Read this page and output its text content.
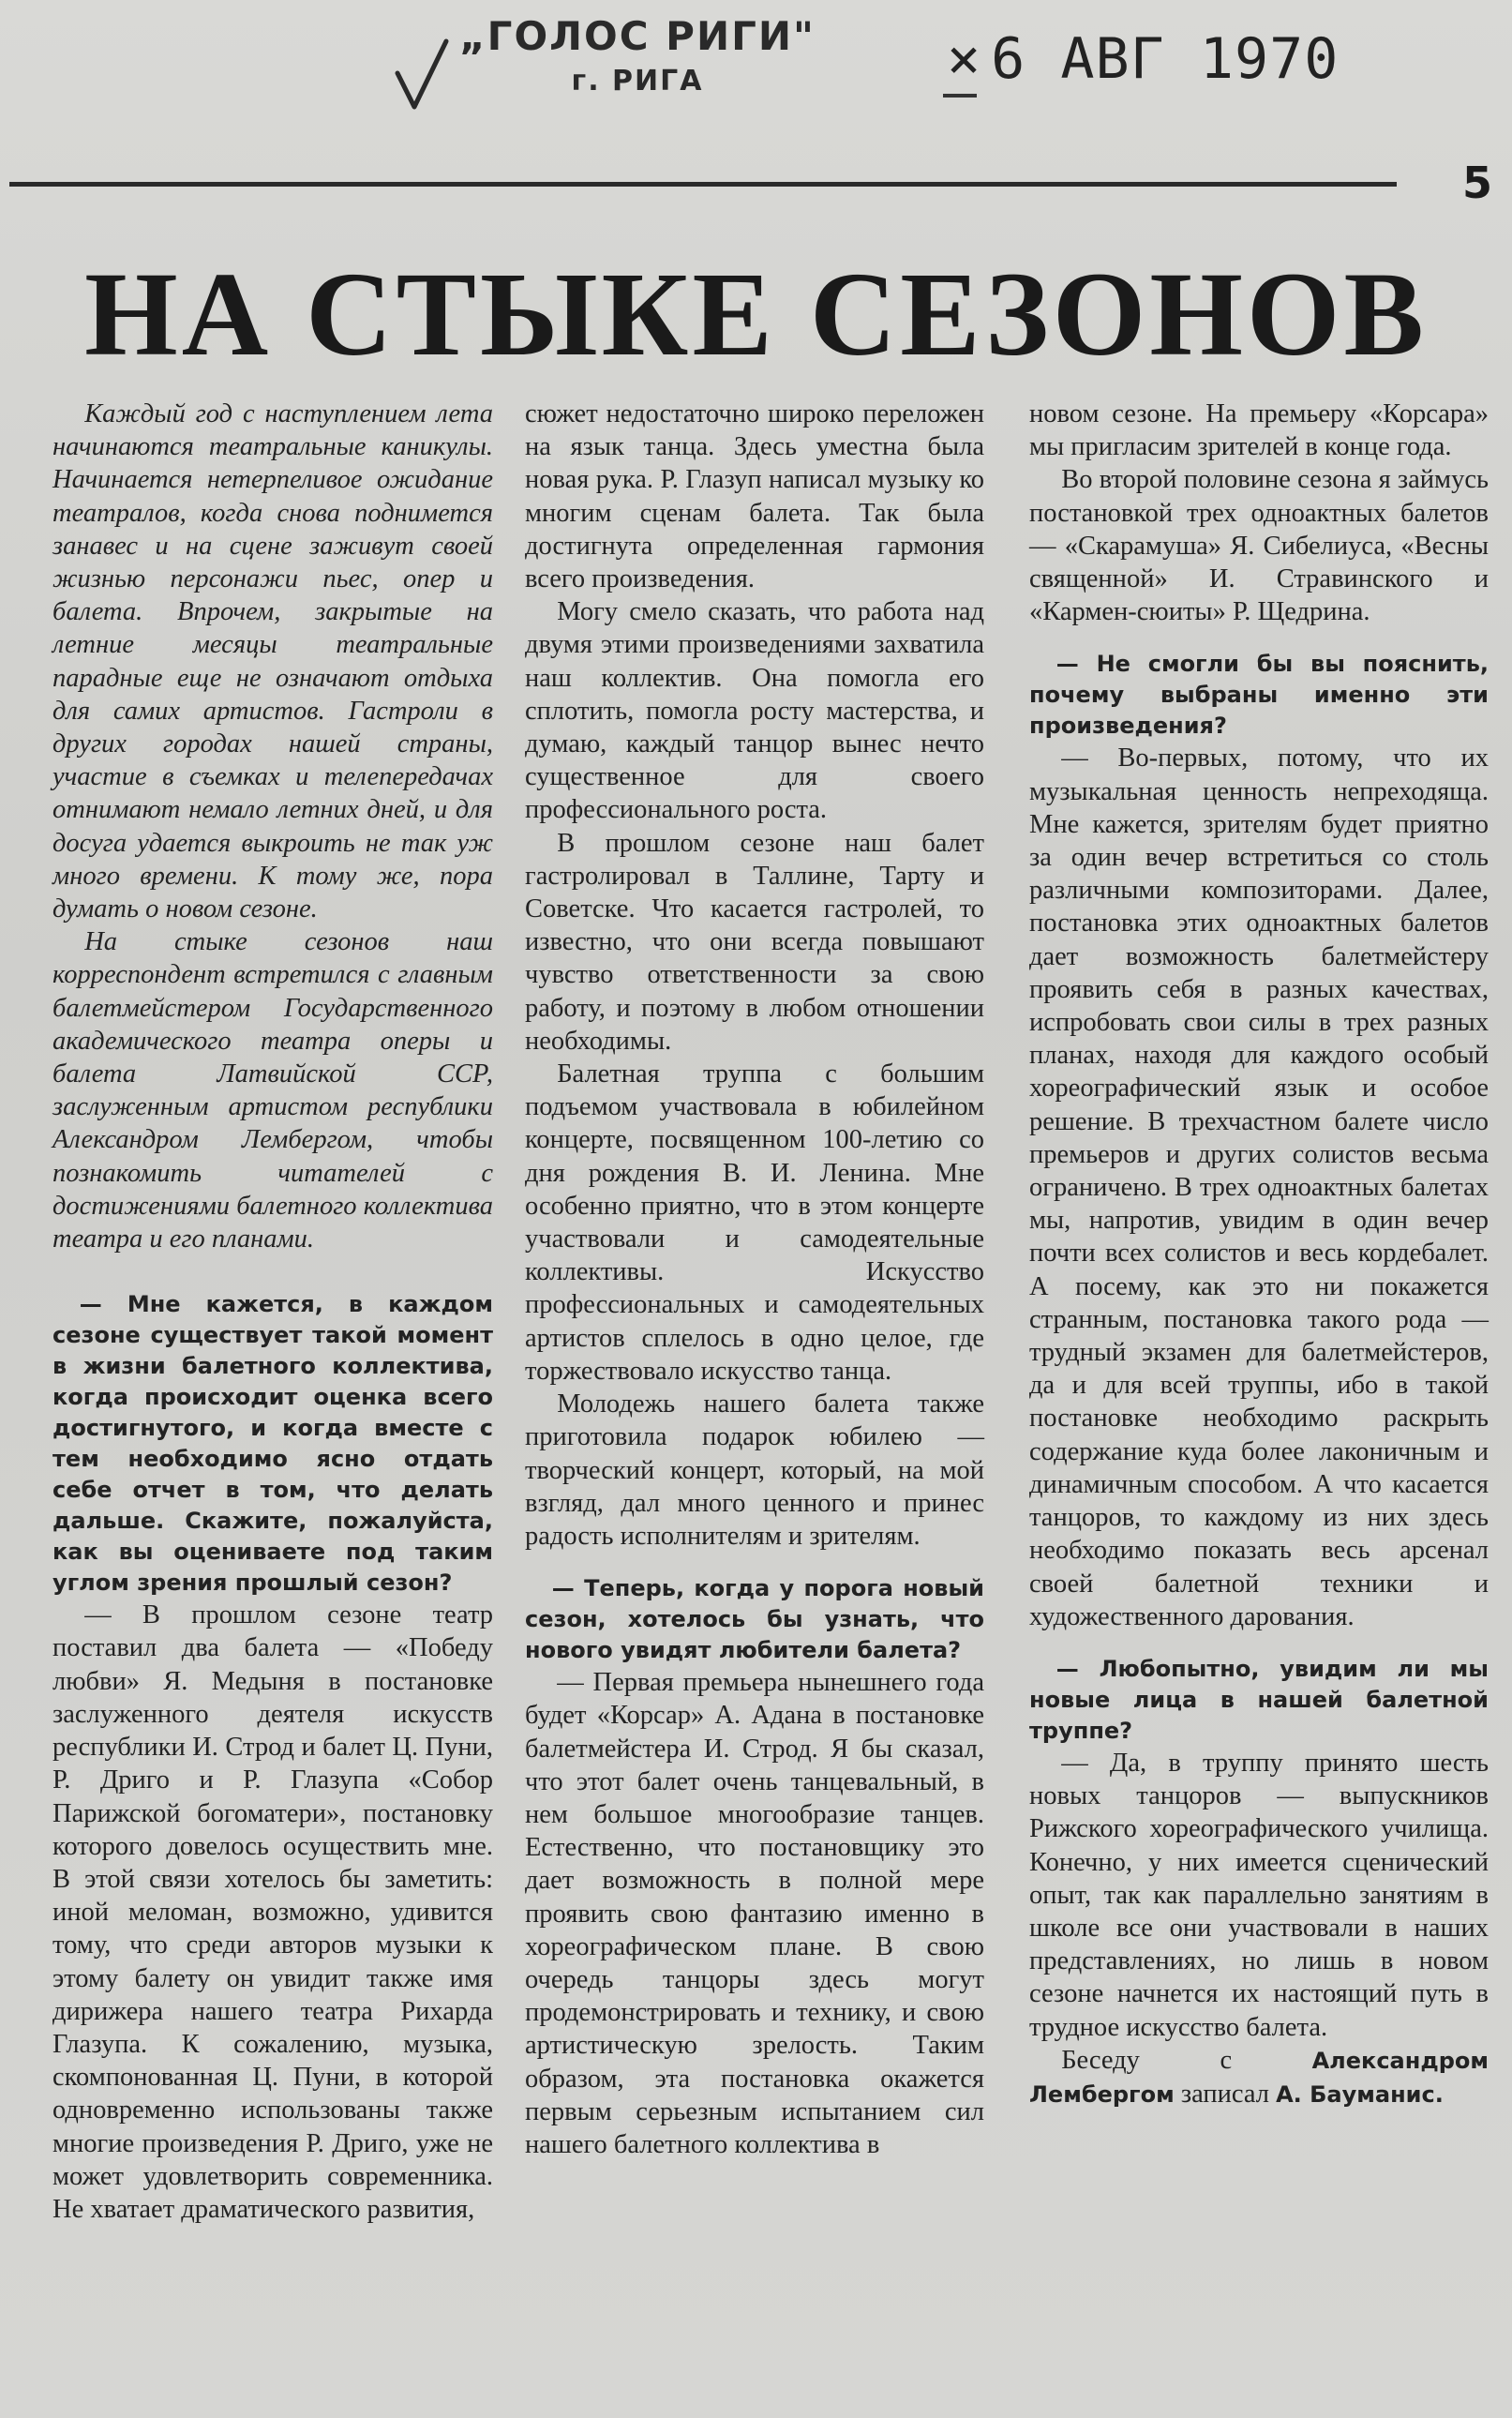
„ГОЛОС РИГИ"
г. РИГА	× 6 АВГ 1970
5
НА СТЫКЕ СЕЗОНОВ

Каждый год с наступлением лета начинаются театральные каникулы. Начинается нетерпеливое ожидание театралов, когда снова поднимется занавес и на сцене заживут своей жизнью персонажи пьес, опер и балета. Впрочем, закрытые на летние месяцы театральные парадные еще не означают отдыха для самих артистов. Гастроли в других городах нашей страны, участие в съемках и телепередачах отнимают немало летних дней, и для досуга удается выкроить не так уж много времени. К тому же, пора думать о новом сезоне.

На стыке сезонов наш корреспондент встретился с главным балетмейстером Государственного академического театра оперы и балета Латвийской ССР, заслуженным артистом республики Александром Лембергом, чтобы познакомить читателей с достижениями балетного коллектива театра и его планами.

— Мне кажется, в каждом сезоне существует такой момент в жизни балетного коллектива, когда происходит оценка всего достигнутого, и когда вместе с тем необходимо ясно отдать себе отчет в том, что делать дальше. Скажите, пожалуйста, как вы оцениваете под таким углом зрения прошлый сезон?

— В прошлом сезоне театр поставил два балета — «Победу любви» Я. Медыня в постановке заслуженного деятеля искусств республики И. Строд и балет Ц. Пуни, Р. Дриго и Р. Глазупа «Собор Парижской богоматери», постановку которого довелось осуществить мне. В этой связи хотелось бы заметить: иной меломан, возможно, удивится тому, что среди авторов музыки к этому балету он увидит также имя дирижера нашего театра Рихарда Глазупа. К сожалению, музыка, скомпонованная Ц. Пуни, в которой одновременно использованы также многие произведения Р. Дриго, уже не может удовлетворить современника. Не хватает драматического развития,

сюжет недостаточно широко переложен на язык танца. Здесь уместна была новая рука. Р. Глазуп написал музыку ко многим сценам балета. Так была достигнута определенная гармония всего произведения.

Могу смело сказать, что работа над двумя этими произведениями захватила наш коллектив. Она помогла его сплотить, помогла росту мастерства, и думаю, каждый танцор вынес нечто существенное для своего профессионального роста.

В прошлом сезоне наш балет гастролировал в Таллине, Тарту и Советске. Что касается гастролей, то известно, что они всегда повышают чувство ответственности за свою работу, и поэтому в любом отношении необходимы.

Балетная труппа с большим подъемом участвовала в юбилейном концерте, посвященном 100-летию со дня рождения В. И. Ленина. Мне особенно приятно, что в этом концерте участвовали и самодеятельные коллективы. Искусство профессиональных и самодеятельных артистов сплелось в одно целое, где торжествовало искусство танца.

Молодежь нашего балета также приготовила подарок юбилею — творческий концерт, который, на мой взгляд, дал много ценного и принес радость исполнителям и зрителям.

— Теперь, когда у порога новый сезон, хотелось бы узнать, что нового увидят любители балета?

— Первая премьера нынешнего года будет «Корсар» А. Адана в постановке балетмейстера И. Строд. Я бы сказал, что этот балет очень танцевальный, в нем большое многообразие танцев. Естественно, что постановщику это дает возможность в полной мере проявить свою фантазию именно в хореографическом плане. В свою очередь танцоры здесь могут продемонстрировать и технику, и свою артистическую зрелость. Таким образом, эта постановка окажется первым серьезным испытанием сил нашего балетного коллектива в

новом сезоне. На премьеру «Корсара» мы пригласим зрителей в конце года.

Во второй половине сезона я займусь постановкой трех одноактных балетов — «Скарамуша» Я. Сибелиуса, «Весны священной» И. Стравинского и «Кармен-сюиты» Р. Щедрина.

— Не смогли бы вы пояснить, почему выбраны именно эти произведения?

— Во-первых, потому, что их музыкальная ценность непреходяща. Мне кажется, зрителям будет приятно за один вечер встретиться со столь различными композиторами. Далее, постановка этих одноактных балетов дает возможность балетмейстеру проявить себя в разных качествах, испробовать свои силы в трех разных планах, находя для каждого особый хореографический язык и особое решение. В трехчастном балете число премьеров и других солистов весьма ограничено. В трех одноактных балетах мы, напротив, увидим в один вечер почти всех солистов и весь кордебалет. А посему, как это ни покажется странным, постановка такого рода — трудный экзамен для балетмейстеров, да и для всей труппы, ибо в такой постановке необходимо раскрыть содержание куда более лаконичным и динамичным способом. А что касается танцоров, то каждому из них здесь необходимо показать весь арсенал своей балетной техники и художественного дарования.

— Любопытно, увидим ли мы новые лица в нашей балетной труппе?

— Да, в труппу принято шесть новых танцоров — выпускников Рижского хореографического училища. Конечно, у них имеется сценический опыт, так как параллельно занятиям в школе все они участвовали в наших представлениях, но лишь в новом сезоне начнется их настоящий путь в трудное искусство балета.

Беседу с	Александром Лембергом записал А. Бауманис.
